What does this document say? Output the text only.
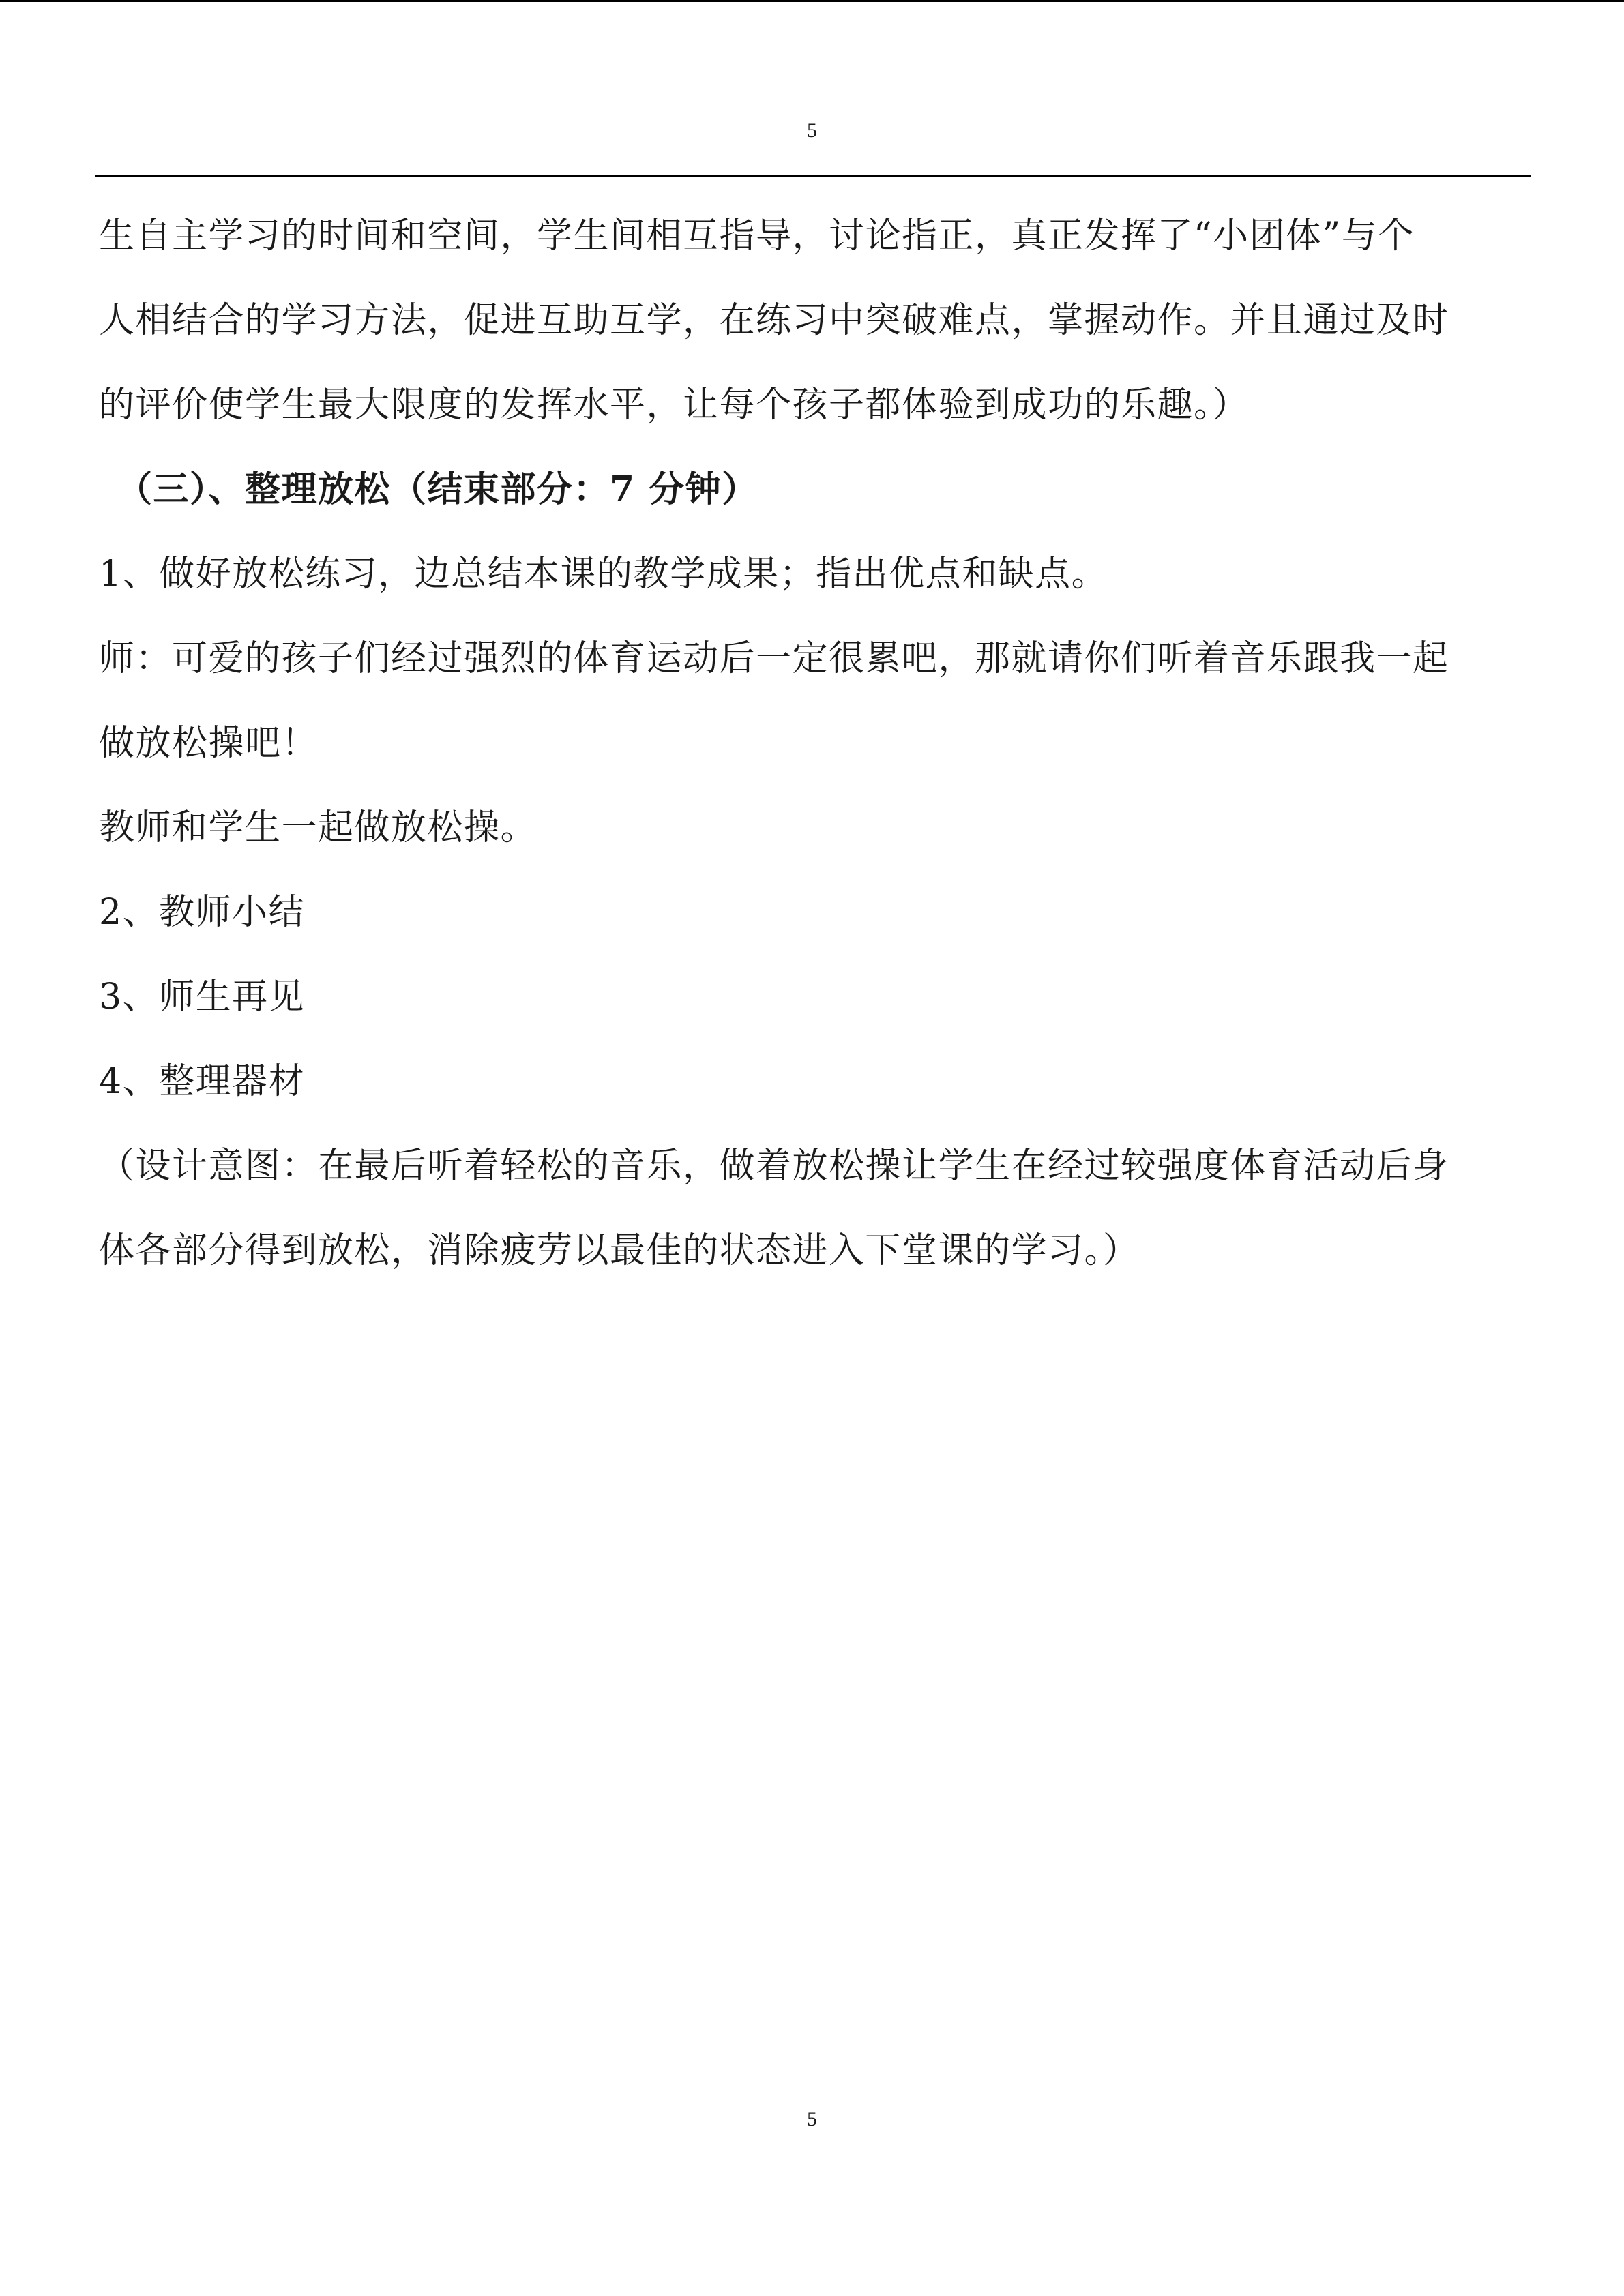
5
生自主学习的时间和空间，学生间相互指导，讨论指正，真正发挥了“小团体”与个
人相结合的学习方法，促进互助互学，在练习中突破难点，掌握动作。并且通过及时
的评价使学生最大限度的发挥水平，让每个孩子都体验到成功的乐趣。）
（三）、整理放松（结束部分：7 分钟）
1、做好放松练习，边总结本课的教学成果；指出优点和缺点。
师：可爱的孩子们经过强烈的体育运动后一定很累吧，那就请你们听着音乐跟我一起
做放松操吧！
教师和学生一起做放松操。
2、教师小结
3、师生再见
4、整理器材
（设计意图：在最后听着轻松的音乐，做着放松操让学生在经过较强度体育活动后身
体各部分得到放松，消除疲劳以最佳的状态进入下堂课的学习。）
5
